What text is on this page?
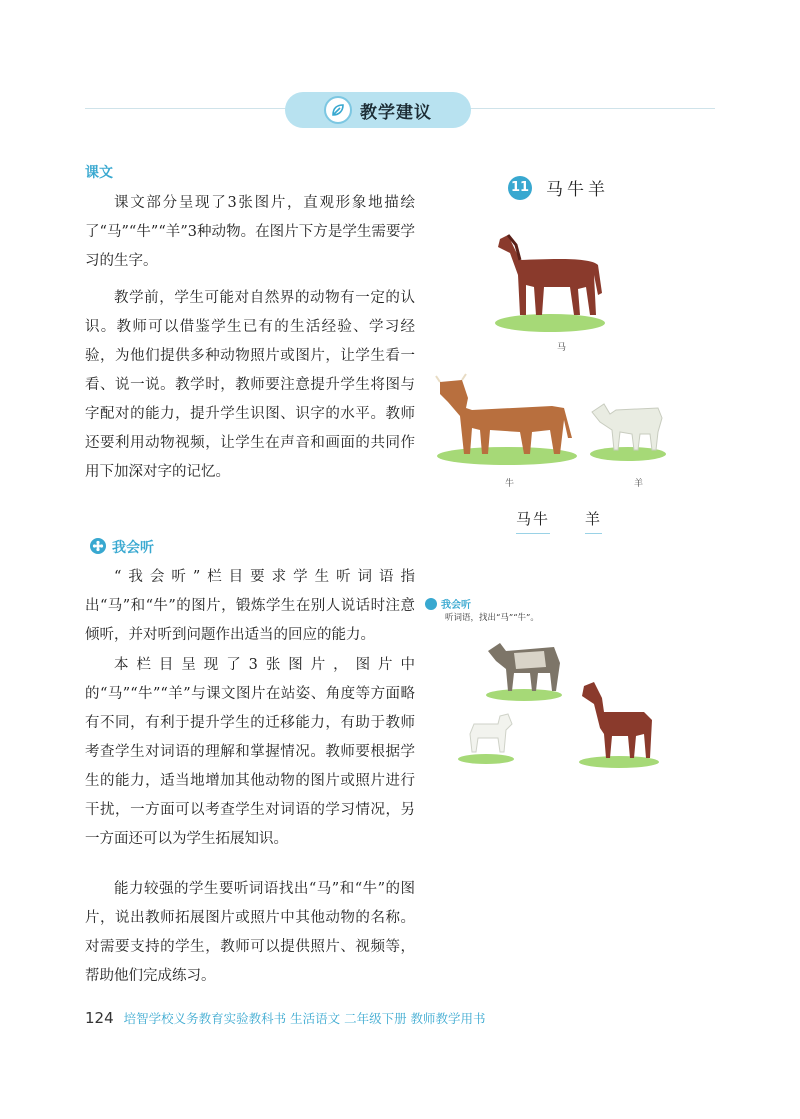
教学建议
课文

课文部分呈现了3张图片，直观形象地描绘了“马”“牛”“羊”3种动物。在图片下方是学生需要学习的生字。

教学前，学生可能对自然界的动物有一定的认识。教师可以借鉴学生已有的生活经验、学习经验，为他们提供多种动物照片或图片，让学生看一看、说一说。教学时，教师要注意提升学生将图与字配对的能力，提升学生识图、识字的水平。教师还要利用动物视频，让学生在声音和画面的共同作用下加深对字的记忆。

我会听

“我会听”栏目要求学生听词语指出“马”和“牛”的图片，锻炼学生在别人说话时注意倾听，并对听到问题作出适当的回应的能力。

本栏目呈现了3张图片，图片中的“马”“牛”“羊”与课文图片在站姿、角度等方面略有不同，有利于提升学生的迁移能力，有助于教师考查学生对词语的理解和掌握情况。教师要根据学生的能力，适当地增加其他动物的图片或照片进行干扰，一方面可以考查学生对词语的学习情况，另一方面还可以为学生拓展知识。

能力较强的学生要听词语找出“马”和“牛”的图片，说出教师拓展图片或照片中其他动物的名称。对需要支持的学生，教师可以提供照片、视频等，帮助他们完成练习。

11 马牛羊
马
牛	羊
马牛 羊
我会听
听词语，找出“马”“牛”。
124 培智学校义务教育实验教科书 生活语文 二年级下册 教师教学用书
